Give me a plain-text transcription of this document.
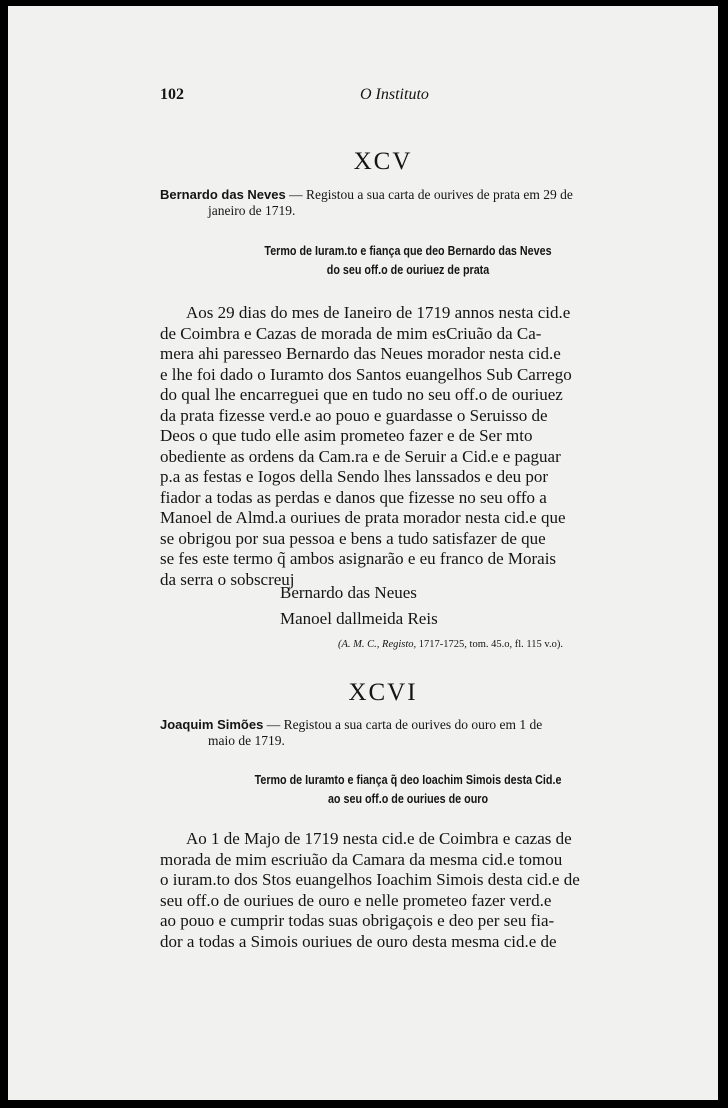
102	O Instituto
XCV
Bernardo das Neves — Registou a sua carta de ourives de prata em 29 de
janeiro de 1719.
Termo de Iuram.to e fiança que deo Bernardo das Neves
do seu off.o de ouriuez de prata
Aos 29 dias do mes de Ianeiro de 1719 annos nesta cid.e
de Coimbra e Cazas de morada de mim esCriuão da Ca-
mera ahi paresseo Bernardo das Neues morador nesta cid.e
e lhe foi dado o Iuramto dos Santos euangelhos Sub Carrego
do qual lhe encarreguei que en tudo no seu off.o de ouriuez
da prata fizesse verd.e ao pouo e guardasse o Seruisso de
Deos o que tudo elle asim prometeo fazer e de Ser mto
obediente as ordens da Cam.ra e de Seruir a Cid.e e paguar
p.a as festas e Iogos della Sendo lhes lanssados e deu por
fiador a todas as perdas e danos que fizesse no seu offo a
Manoel de Almd.a ouriues de prata morador nesta cid.e que
se obrigou por sua pessoa e bens a tudo satisfazer de que
se fes este termo q̃ ambos asignarão e eu franco de Morais
da serra o sobscreuj
Bernardo das Neues
Manoel dallmeida Reis
(A. M. C., Registo, 1717-1725, tom. 45.o, fl. 115 v.o).
XCVI
Joaquim Simões — Registou a sua carta de ourives do ouro em 1 de
maio de 1719.
Termo de Iuramto e fiança q̃ deo Ioachim Simois desta Cid.e
ao seu off.o de ouriues de ouro
Ao 1 de Majo de 1719 nesta cid.e de Coimbra e cazas de
morada de mim escriuão da Camara da mesma cid.e tomou
o iuram.to dos Stos euangelhos Ioachim Simois desta cid.e de
seu off.o de ouriues de ouro e nelle prometeo fazer verd.e
ao pouo e cumprir todas suas obrigaçois e deo per seu fia-
dor a todas a Simois ouriues de ouro desta mesma cid.e de
